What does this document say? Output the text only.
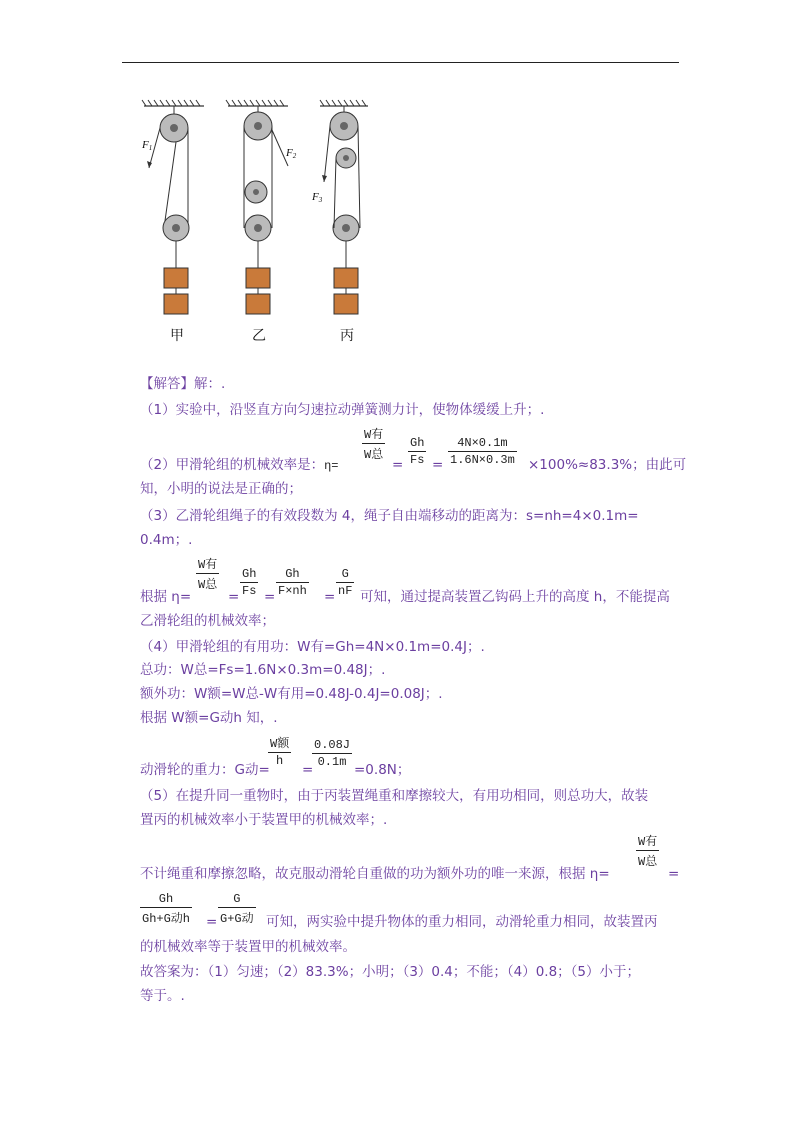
F1	F2
F3
甲	乙	丙
【解答】解：.
（1）实验中，沿竖直方向匀速拉动弹簧测力计，使物体缓缓上升；.
W有
W总
Gh
Fs
4N×0.1m
1.6N×0.3m
（2）甲滑轮组的机械效率是：η=	= =	×100%≈83.3%；由此可
知，小明的说法是正确的；
（3）乙滑轮组绳子的有效段数为 4，绳子自由端移动的距离为：s=nh=4×0.1m=
0.4m；.
W有
W总
Gh
Fs
Gh
F×nh
G
nF
根据 η=	= =	= 可知，通过提高装置乙钩码上升的高度 h，不能提高
乙滑轮组的机械效率；
（4）甲滑轮组的有用功：W有=Gh=4N×0.1m=0.4J；.
总功：W总=Fs=1.6N×0.3m=0.48J；.
额外功：W额=W总-W有用=0.48J-0.4J=0.08J；.
根据 W额=G动h 知，.
W额
h
0.08J
0.1m
动滑轮的重力：G动= =	=0.8N；
（5）在提升同一重物时，由于丙装置绳重和摩擦较大，有用功相同，则总功大，故装
置丙的机械效率小于装置甲的机械效率；.
W有
W总
不计绳重和摩擦忽略，故克服动滑轮自重做的功为额外功的唯一来源，根据 η=	=
Gh
Gh+G动h
G
G+G动
=	可知，两实验中提升物体的重力相同，动滑轮重力相同，故装置丙
的机械效率等于装置甲的机械效率。
故答案为：（1）匀速；（2）83.3%；小明；（3）0.4；不能；（4）0.8；（5）小于；
等于。.
